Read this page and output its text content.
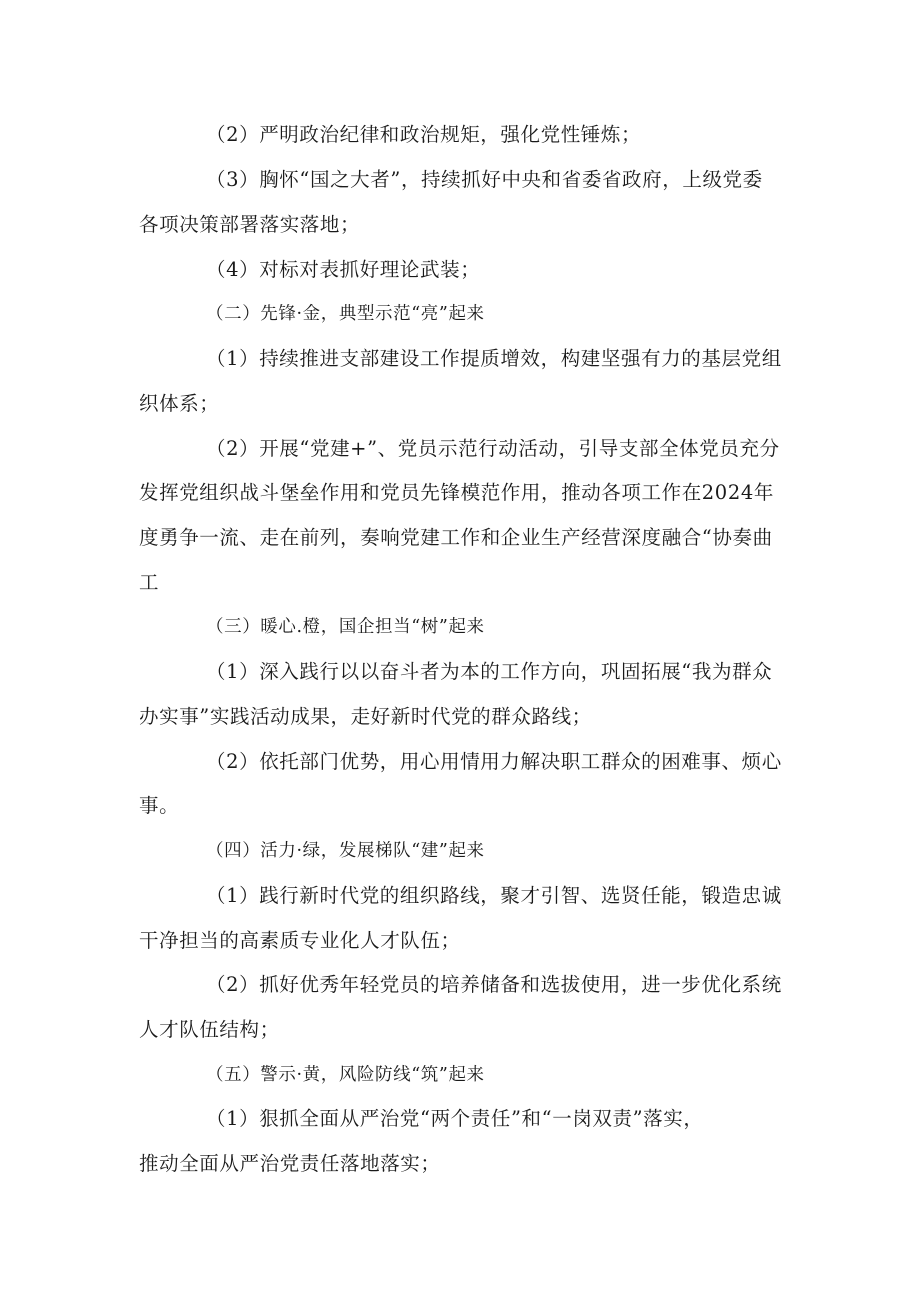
（2）严明政治纪律和政治规矩，强化党性锤炼；
（3）胸怀“国之大者”，持续抓好中央和省委省政府，上级党委
各项决策部署落实落地；
（4）对标对表抓好理论武装；
（二）先锋·金，典型示范“亮”起来
（1）持续推进支部建设工作提质增效，构建坚强有力的基层党组
织体系；
（2）开展“党建+”、党员示范行动活动，引导支部全体党员充分
发挥党组织战斗堡垒作用和党员先锋模范作用，推动各项工作在2024年
度勇争一流、走在前列，奏响党建工作和企业生产经营深度融合“协奏曲
工
（三）暖心.橙，国企担当“树”起来
（1）深入践行以以奋斗者为本的工作方向，巩固拓展“我为群众
办实事”实践活动成果，走好新时代党的群众路线；
（2）依托部门优势，用心用情用力解决职工群众的困难事、烦心
事。
（四）活力·绿，发展梯队“建”起来
（1）践行新时代党的组织路线，聚才引智、选贤任能，锻造忠诚
干净担当的高素质专业化人才队伍；
（2）抓好优秀年轻党员的培养储备和选拔使用，进一步优化系统
人才队伍结构；
（五）警示·黄，风险防线“筑”起来
（1）狠抓全面从严治党“两个责任”和“一岗双责”落实，
推动全面从严治党责任落地落实；
